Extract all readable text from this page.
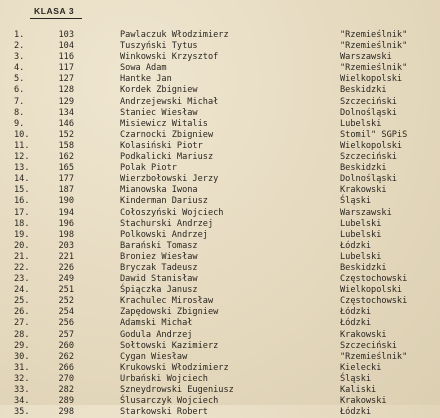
KLASA 3
1.	103	Pawlaczuk Włodzimierz	"Rzemieślnik"
2.	104	Tuszyński Tytus	"Rzemieślnik"
3.	116	Winkowski Krzysztof	Warszawski
4.	117	Sowa Adam	"Rzemieślnik"
5.	127	Hantke Jan	Wielkopolski
6.	128	Kordek Zbigniew	Beskidzki
7.	129	Andrzejewski Michał	Szczeciński
8.	134	Staniec Wiesław	Dolnośląski
9.	146	Misiewicz Witalis	Lubelski
10.	152	Czarnocki Zbigniew	Stomil" SGPiS
11.	158	Kolasiński Piotr	Wielkopolski
12.	162	Podkalicki Mariusz	Szczeciński
13.	165	Polak Piotr	Beskidzki
14.	177	Wierzbołowski Jerzy	Dolnośląski
15.	187	Mianowska Iwona	Krakowski
16.	190	Kinderman Dariusz	Śląski
17.	194	Cołoszyński Wojciech	Warszawski
18.	196	Stachurski Andrzej	Lubelski
19.	198	Polkowski Andrzej	Lubelski
20.	203	Barański Tomasz	Łódzki
21.	221	Broniez Wiesław	Lubelski
22.	226	Bryczak Tadeusz	Beskidzki
23.	249	Dawid Stanisław	Częstochowski
24.	251	Śpiączka Janusz	Wielkopolski
25.	252	Krachulec Mirosław	Częstochowski
26.	254	Zapędowski Zbigniew	Łódzki
27.	256	Adamski Michał	Łódzki
28.	257	Godula Andrzej	Krakowski
29.	260	Sołtowski Kazimierz	Szczeciński
30.	262	Cygan Wiesław	"Rzemieślnik"
31.	266	Krukowski Włodzimierz	Kielecki
32.	270	Urbański Wojciech	Śląski
33.	282	Szneydrowski Eugeniusz	Kaliski
34.	289	Ślusarczyk Wojciech	Krakowski
35.	298	Starkowski Robert	Łódzki
